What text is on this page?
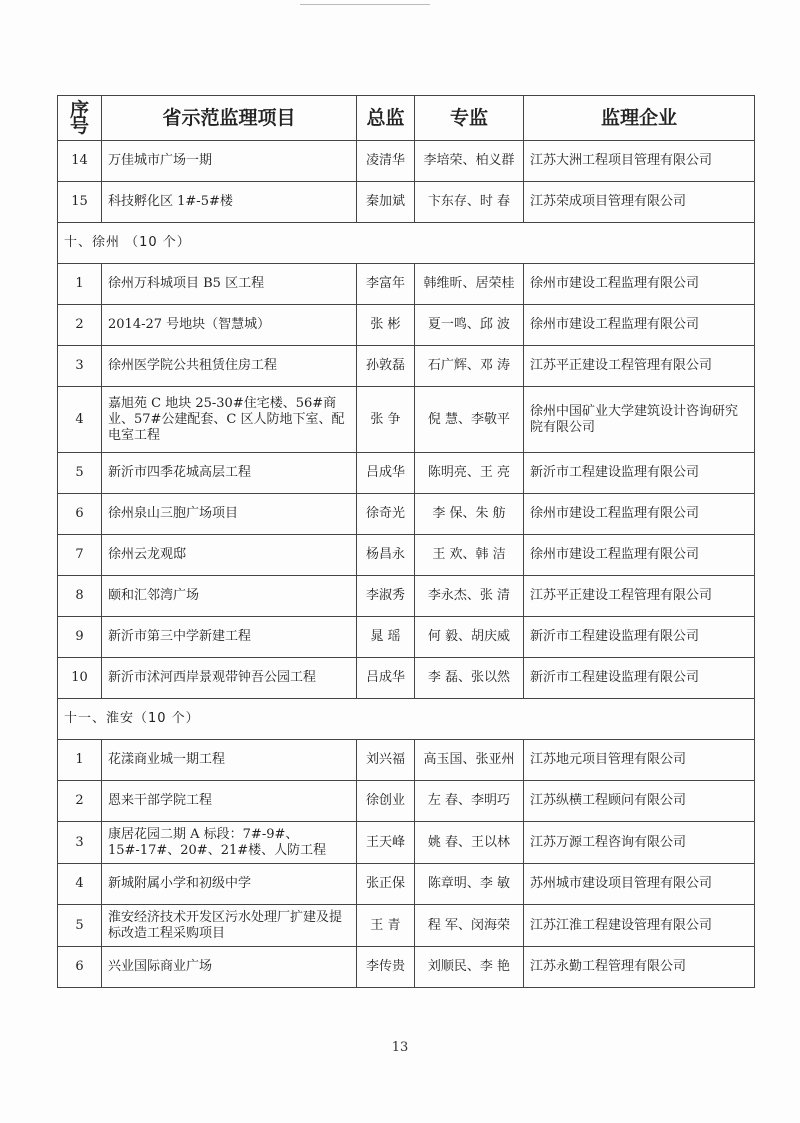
序号	省示范监理项目	总监	专监	监理企业
14	万佳城市广场一期	凌清华	李培荣、柏义群	江苏大洲工程项目管理有限公司
15	科技孵化区 1#-5#楼	秦加斌	卞东存、时 春	江苏荣成项目管理有限公司
十、徐州 （10 个）				
1	徐州万科城项目 B5 区工程	李富年	韩维昕、居荣桂	徐州市建设工程监理有限公司
2	2014-27 号地块（智慧城）	张 彬	夏一鸣、邱 波	徐州市建设工程监理有限公司
3	徐州医学院公共租赁住房工程	孙敦磊	石广辉、邓 涛	江苏平正建设工程管理有限公司
4	嘉旭苑 C 地块 25-30#住宅楼、56#商业、57#公建配套、C 区人防地下室、配电室工程	张 争	倪 慧、李敬平	徐州中国矿业大学建筑设计咨询研究院有限公司
5	新沂市四季花城高层工程	吕成华	陈明亮、王 亮	新沂市工程建设监理有限公司
6	徐州泉山三胞广场项目	徐奇光	李 保、朱 舫	徐州市建设工程监理有限公司
7	徐州云龙观邸	杨昌永	王 欢、韩 洁	徐州市建设工程监理有限公司
8	颐和汇邻湾广场	李淑秀	李永杰、张 清	江苏平正建设工程管理有限公司
9	新沂市第三中学新建工程	晁 瑶	何 毅、胡庆威	新沂市工程建设监理有限公司
10	新沂市沭河西岸景观带钟吾公园工程	吕成华	李 磊、张以然	新沂市工程建设监理有限公司
十一、淮安（10 个）				
1	花漾商业城一期工程	刘兴福	高玉国、张亚州	江苏地元项目管理有限公司
2	恩来干部学院工程	徐创业	左 春、李明巧	江苏纵横工程顾问有限公司
3	康居花园二期 A 标段：7#-9#、15#-17#、20#、21#楼、人防工程	王天峰	姚 春、王以林	江苏万源工程咨询有限公司
4	新城附属小学和初级中学	张正保	陈章明、李 敏	苏州城市建设项目管理有限公司
5	淮安经济技术开发区污水处理厂扩建及提标改造工程采购项目	王 青	程 军、闵海荣	江苏江淮工程建设管理有限公司
6	兴业国际商业广场	李传贵	刘顺民、李 艳	江苏永勤工程管理有限公司
13
